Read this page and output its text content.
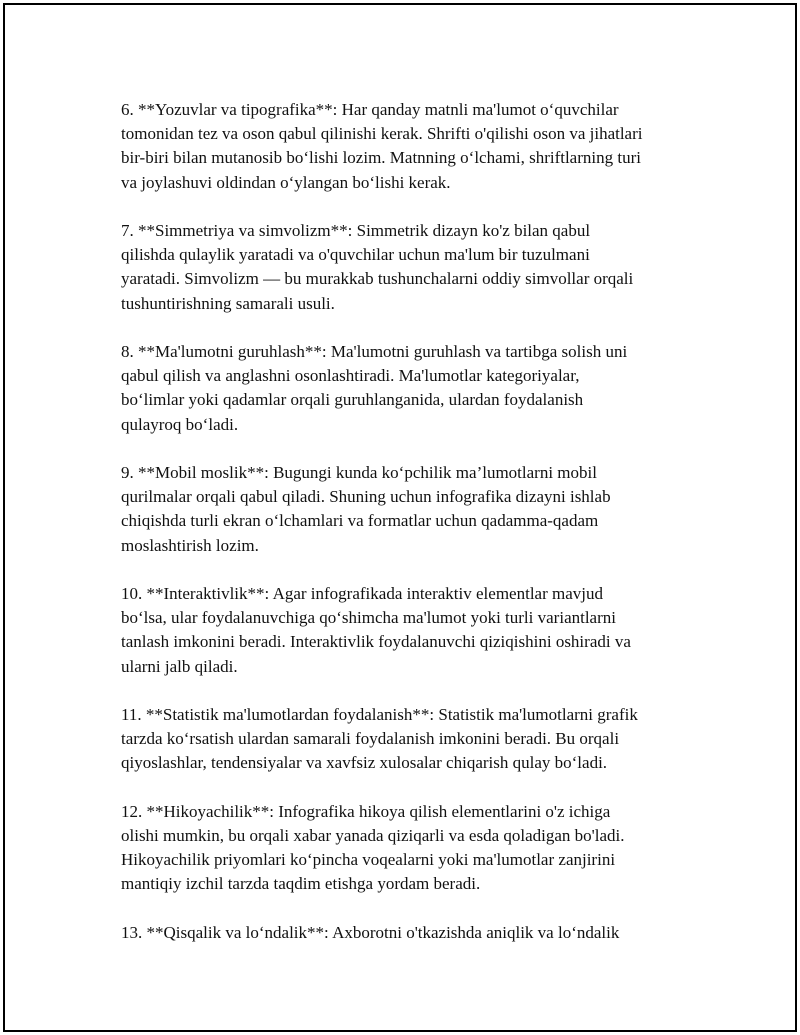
6. **Yozuvlar va tipografika**: Har qanday matnli ma'lumot o‘quvchilar
tomonidan tez va oson qabul qilinishi kerak. Shrifti o'qilishi oson va jihatlari
bir-biri bilan mutanosib bo‘lishi lozim. Matnning o‘lchami, shriftlarning turi
va joylashuvi oldindan o‘ylangan bo‘lishi kerak.

7. **Simmetriya va simvolizm**: Simmetrik dizayn ko'z bilan qabul
qilishda qulaylik yaratadi va o'quvchilar uchun ma'lum bir tuzulmani
yaratadi. Simvolizm — bu murakkab tushunchalarni oddiy simvollar orqali
tushuntirishning samarali usuli.

8. **Ma'lumotni guruhlash**: Ma'lumotni guruhlash va tartibga solish uni
qabul qilish va anglashni osonlashtiradi. Ma'lumotlar kategoriyalar,
bo‘limlar yoki qadamlar orqali guruhlanganida, ulardan foydalanish
qulayroq bo‘ladi.

9. **Mobil moslik**: Bugungi kunda ko‘pchilik ma’lumotlarni mobil
qurilmalar orqali qabul qiladi. Shuning uchun infografika dizayni ishlab
chiqishda turli ekran o‘lchamlari va formatlar uchun qadamma-qadam
moslashtirish lozim.

10. **Interaktivlik**: Agar infografikada interaktiv elementlar mavjud
bo‘lsa, ular foydalanuvchiga qo‘shimcha ma'lumot yoki turli variantlarni
tanlash imkonini beradi. Interaktivlik foydalanuvchi qiziqishini oshiradi va
ularni jalb qiladi.

11. **Statistik ma'lumotlardan foydalanish**: Statistik ma'lumotlarni grafik
tarzda ko‘rsatish ulardan samarali foydalanish imkonini beradi. Bu orqali
qiyoslashlar, tendensiyalar va xavfsiz xulosalar chiqarish qulay bo‘ladi.

12. **Hikoyachilik**: Infografika hikoya qilish elementlarini o'z ichiga
olishi mumkin, bu orqali xabar yanada qiziqarli va esda qoladigan bo'ladi.
Hikoyachilik priyomlari ko‘pincha voqealarni yoki ma'lumotlar zanjirini
mantiqiy izchil tarzda taqdim etishga yordam beradi.

13. **Qisqalik va lo‘ndalik**: Axborotni o'tkazishda aniqlik va lo‘ndalik
